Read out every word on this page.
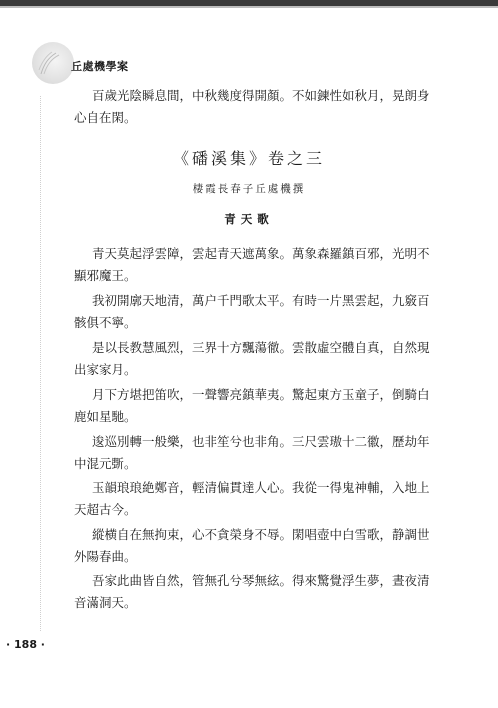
丘處機學案

百歲光陰瞬息間，中秋幾度得開顏。不如鍊性如秋月，晃朗身

心自在閑。

《磻溪集》卷之三
棲霞長春子丘處機撰
青天歌

青天莫起浮雲障，雲起青天遮萬象。萬象森羅鎮百邪，光明不

顯邪魔王。

我初開廓天地清，萬户千門歌太平。有時一片黑雲起，九竅百

骸俱不寧。

是以長教慧風烈，三界十方飄蕩徹。雲散虛空體自真，自然現

出家家月。

月下方堪把笛吹，一聲響亮鎮華夷。驚起東方玉童子，倒騎白

鹿如星馳。

逡巡別轉一般樂，也非笙兮也非角。三尺雲璈十二徽，歷劫年

中混元斲。

玉韻琅琅絶鄭音，輕清偏貫達人心。我從一得鬼神輔，入地上

天超古今。

縱横自在無拘束，心不貪榮身不辱。閑唱壺中白雪歌，静調世

外陽春曲。

吾家此曲皆自然，管無孔兮琴無絃。得來驚覺浮生夢，晝夜清

音滿洞天。

· 188 ·
